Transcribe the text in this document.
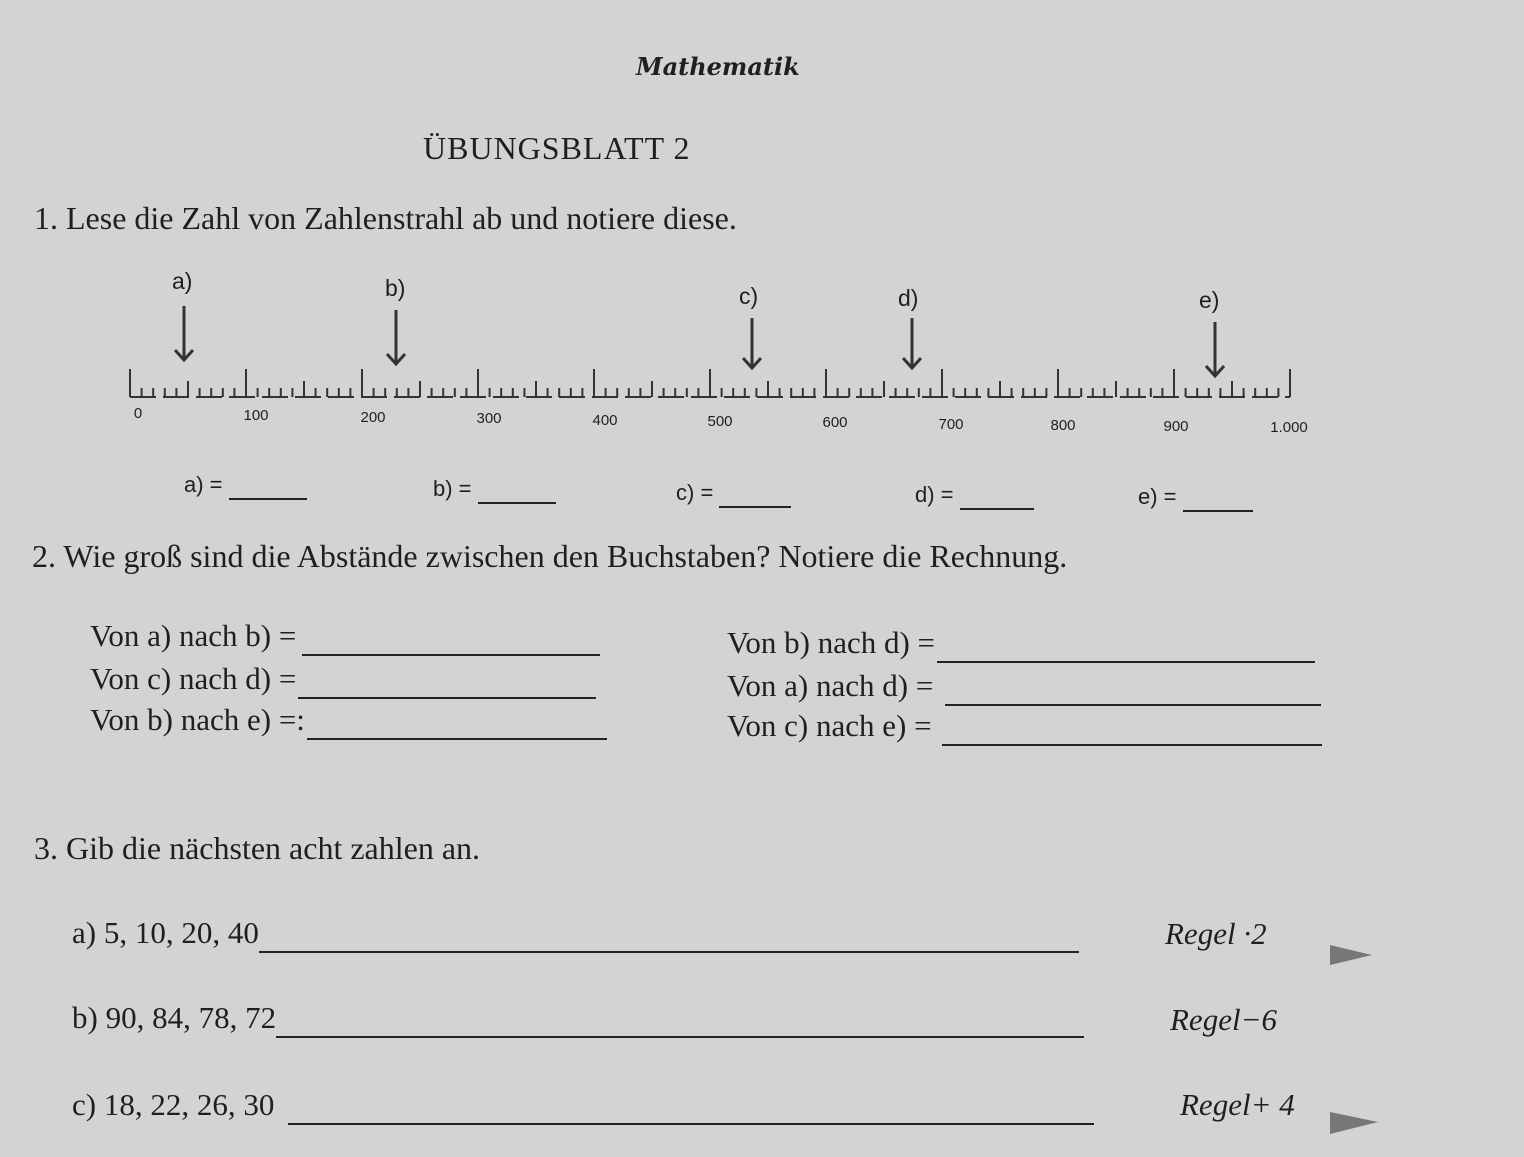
Mathematik
ÜBUNGSBLATT 2
1. Lese die Zahl von Zahlenstrahl ab und notiere diese.
a)	b)	c)	d)	e)
0	100	200	300	400	500	600	700	800	900	1.000
a) =	b) =	c) =	d) =	e) =
2. Wie groß sind die Abstände zwischen den Buchstaben? Notiere die Rechnung.
Von a) nach b) =
Von c) nach d) =
Von b) nach e) =:
Von b) nach d) =
Von a) nach d) =
Von c) nach e) =
3. Gib die nächsten acht zahlen an.
a) 5, 10, 20, 40	Regel ·2
b) 90, 84, 78, 72	Regel−6
c) 18, 22, 26, 30	Regel+ 4
